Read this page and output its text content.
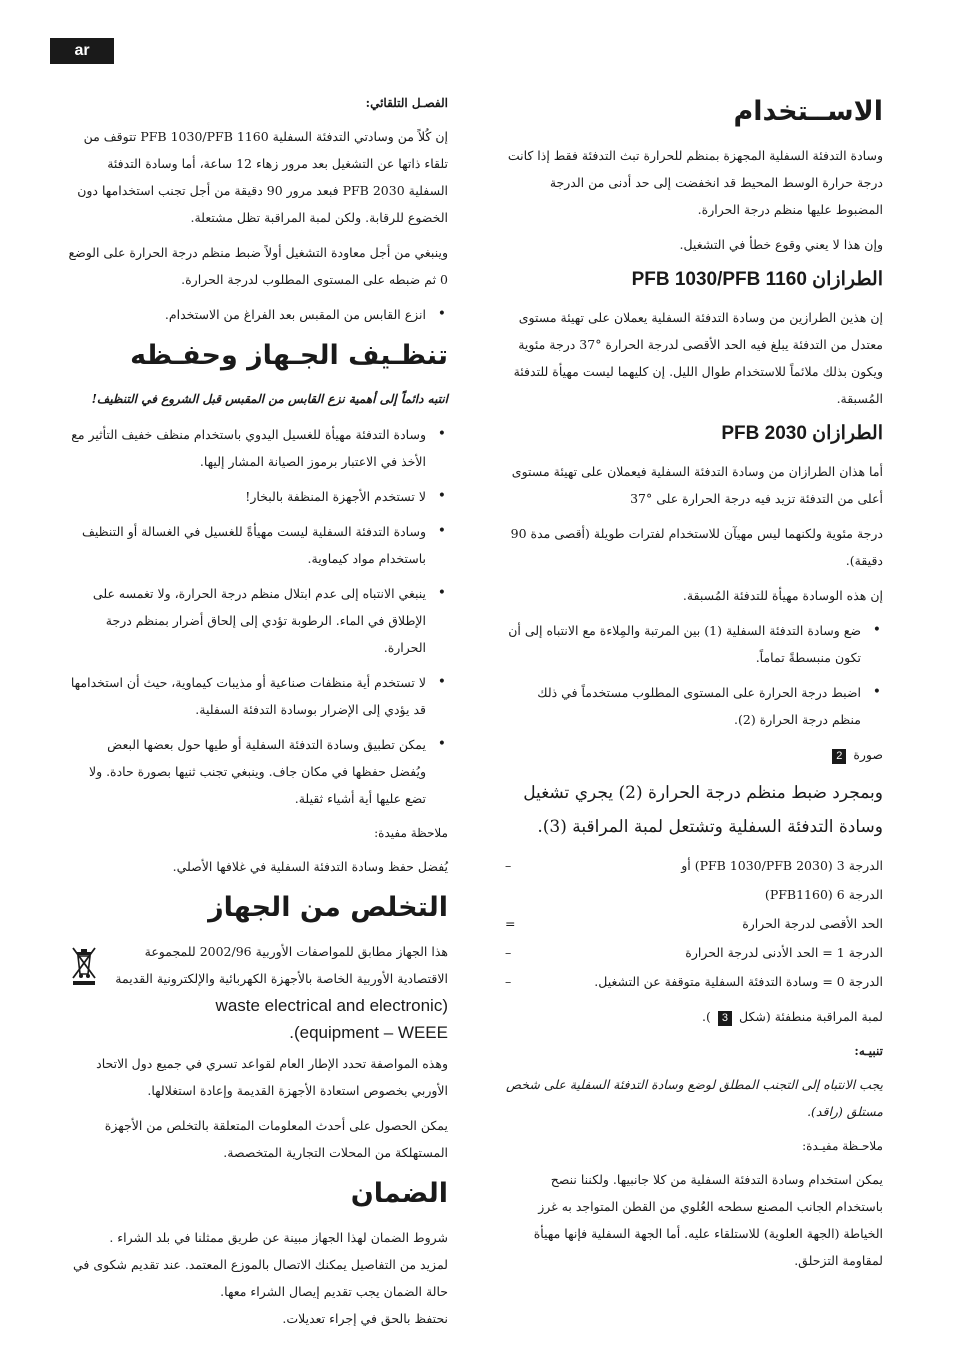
ar
الاســتخدام

وسادة التدفئة السفلية المجهزة بمنظم للحرارة تبث التدفئة فقط إذا كانت درجة حرارة الوسط المحيط قد انخفضت إلى حد أدنى من الدرجة المضبوط عليها منظم درجة الحرارة.

وإن هذا لا يعني وقوع خطأ في التشغيل.

الطرازان PFB 1030/PFB 1160

إن هذين الطرازين من وسادة التدفئة السفلية يعملان على تهيئة مستوى معتدل من التدفئة يبلغ فيه الحد الأقصى لدرجة الحرارة °37 درجة مئوية ويكون بذلك ملائماً للاستخدام طوال الليل. إن كليهما ليست مهيأة للتدفئة المُسبقة.

الطرازان PFB 2030

أما هذان الطرازان من وسادة التدفئة السفلية فيعملان على تهيئة مستوى أعلى من التدفئة تزيد فيه درجة الحرارة على °37

درجة مئوية ولكنهما ليس مهيآن للاستخدام لفترات طويلة (أقصى مدة 90 دقيقة).

إن هذه الوسادة مهيأة للتدفئة المُسبقة.

• ضع وسادة التدفئة السفلية (1) بين المرتبة والمِلاءة مع الانتباه إلى أن تكون منبسطةً تماماً.
• اضبط درجة الحرارة على المستوى المطلوب مستخدماً في ذلك منظم درجة الحرارة (2).

صورة 2

وبمجرد ضبط منظم درجة الحرارة (2) يجري تشغيل وسادة التدفئة السفلية وتشتعل لمبة المراقبة (3).

الدرجة 3 (PFB 1030/PFB 2030) أو
–
الدرجة 6 (PFB1160)
الحد الأقصى لدرجة الحرارة
=
الدرجة 1 = الحد الأدنى لدرجة الحرارة
–
الدرجة 0 = وسادة التدفئة السفلية متوقفة عن التشغيل.
–

لمبة المراقبة منطفئة (شكل 3 ).

تنبيـه:

يجب الانتباه إلى التجنب المطلق لوضع وسادة التدفئة السفلية على شخص مستلق (راقد).

ملاحـظة مفيـدة:

يمكن استخدام وسادة التدفئة السفلية من كلا جانبيها. ولكننا ننصح باستخدام الجانب المصنع سطحه العُلوي من القطن المتواجد به غرز الخياطة (الجهة العلوية) للاستلقاء عليه. أما الجهة السفلية فإنها مهيأة لمقاومة التزحلق.

الفصـل التلقائي:

إن كُلاً من وسادتي التدفئة السفلية PFB 1030/PFB 1160 تتوقف من تلقاء ذاتها عن التشغيل بعد مرور زهاء 12 ساعة، أما وسادة التدفئة السفلية PFB 2030 فبعد مرور 90 دقيقة من أجل تجنب استخدامها دون الخضوع للرقابة. ولكن لمبة المراقبة تظل مشتعلة.

وينبغي من أجل معاودة التشغيل أولاً ضبط منظم درجة الحرارة على الوضع 0 ثم ضبطه على المستوى المطلوب لدرجة الحرارة.

• انزع القابس من المقبس بعد الفراغ من الاستخدام.
تنظـيف الجـهاز وحفـظه

انتبه دائماً إلى أهمية نزع القابس من المقبس قبل الشروع في التنظيف!

• وسادة التدفئة مهيأة للغسيل اليدوي باستخدام منظف خفيف التأثير مع الأخذ في الاعتبار برموز الصيانة المشار إليها.
• لا تستخدم الأجهزة المنظفة بالبخار!
• وسادة التدفئة السفلية ليست مهيأةً للغسيل في الغسالة أو التنظيف باستخدام مواد كيماوية.
• ينبغي الانتباه إلى عدم ابتلال منظم درجة الحرارة، ولا تغمسه على الإطلاق في الماء. الرطوبة تؤدي إلى إلحاق أضرار بمنظم درجة الحرارة.
• لا تستخدم أية منظفات صناعية أو مذيبات كيماوية، حيث أن استخدامها قد يؤدي إلى الإضرار بوسادة التدفئة السفلية.
• يمكن تطبيق وسادة التدفئة السفلية أو طيها حول بعضها البعض ويُفضل حفظها في مكان جاف. وينبغي تجنب ثنيها بصورة حادة. ولا تضع عليها أية أشياء ثقيلة.
ملاحظة مفيدة:

يُفضل حفظ وسادة التدفئة السفلية في غلافها الأصلي.

التخلص من الجهاز

هذا الجهاز مطابق للمواصفات الأوربية 2002/96 للمجموعة الاقتصادية الأوربية الخاصة بالأجهزة الكهربائية والإلكترونية القديمة

waste electrical and electronic)

.(equipment – WEEE

وهذه المواصفة تحدد الإطار العام لقواعد تسري في جميع دول الاتحاد الأوربي بخصوص استعادة الأجهزة القديمة وإعادة استغلالها.

يمكن الحصول على أحدث المعلومات المتعلقة بالتخلص من الأجهزة المستهلكة من المحلات التجارية المتخصصة.

الضمان

شروط الضمان لهذا الجهاز مبينة عن طريق ممثلنا في بلد الشراء .

لمزيد من التفاصيل يمكنك الاتصال بالموزع المعتمد. عند تقديم شكوى في حالة الضمان يجب تقديم إيصال الشراء معها.

نحتفظ بالحق في إجراء تعديلات.
